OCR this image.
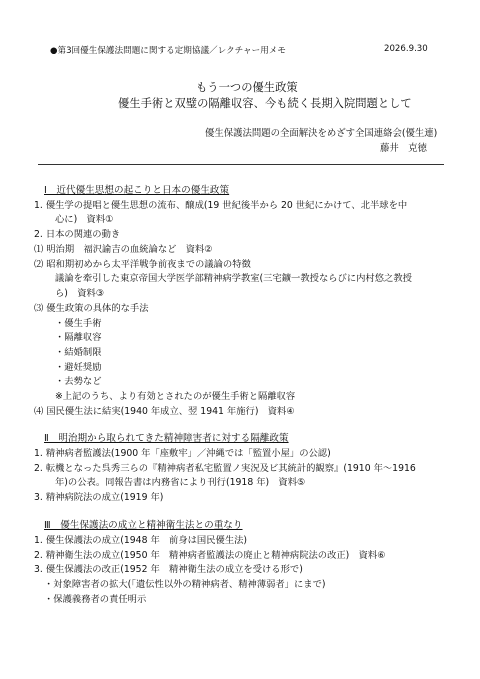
●第3回優生保護法問題に関する定期協議／レクチャー用メモ	2026.9.30
もう一つの優生政策
優生手術と双璧の隔離収容、今も続く長期入院問題として
優生保護法問題の全面解決をめざす全国連絡会(優生連)
藤井　克徳
Ⅰ　近代優生思想の起こりと日本の優生政策
1. 優生学の提唱と優生思想の流布、醸成(19 世紀後半から 20 世紀にかけて、北半球を中
心に)　資料①
2. 日本の関連の動き
⑴ 明治期　福沢諭吉の血統論など　資料②
⑵ 昭和期初めから太平洋戦争前夜までの議論の特徴
議論を牽引した東京帝国大学医学部精神病学教室(三宅鑛一教授ならびに内村悠之教授
ら)　資料③
⑶ 優生政策の具体的な手法
・優生手術
・隔離収容
・結婚制限
・避妊奨励
・去勢など
※上記のうち、より有効とされたのが優生手術と隔離収容
⑷ 国民優生法に結実(1940 年成立、翌 1941 年施行)　資料④
Ⅱ　明治期から取られてきた精神障害者に対する隔離政策
1. 精神病者監護法(1900 年「座敷牢」／沖縄では「監置小屋」の公認)
2. 転機となった呉秀三らの『精神病者私宅監置ノ実況及ビ其統計的観察』(1910 年～1916
年)の公表。同報告書は内務省により刊行(1918 年)　資料⑤
3. 精神病院法の成立(1919 年)
Ⅲ　優生保護法の成立と精神衛生法との重なり
1. 優生保護法の成立(1948 年　前身は国民優生法)
2. 精神衛生法の成立(1950 年　精神病者監護法の廃止と精神病院法の改正)　資料⑥
3. 優生保護法の改正(1952 年　精神衛生法の成立を受ける形で)
・対象障害者の拡大(「遺伝性以外の精神病者、精神薄弱者」にまで)
・保護義務者の責任明示
